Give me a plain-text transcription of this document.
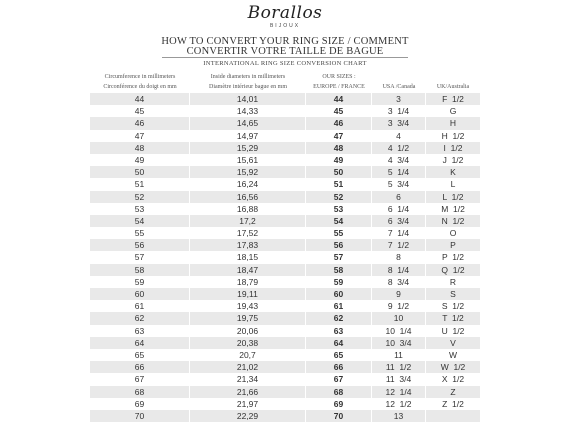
Borallos
BIJOUX
HOW TO CONVERT YOUR RING SIZE / COMMENT
CONVERTIR VOTRE TAILLE DE BAGUE
INTERNATIONAL RING SIZE CONVERSION CHART
Circumference in millimeters
Circonférence du doigt en mm
Inside diameters in millimeters
Diamètre intérieur bague en mm
OUR SIZES :
EUROPE / FRANCE	USA /Canada	UK/Australia
44	14,01	44	3	F  1/2
45	14,33	45	3  1/4	G
46	14,65	46	3  3/4	H
47	14,97	47	4	H  1/2
48	15,29	48	4  1/2	I  1/2
49	15,61	49	4  3/4	J  1/2
50	15,92	50	5  1/4	K
51	16,24	51	5  3/4	L
52	16,56	52	6	L  1/2
53	16,88	53	6  1/4	M  1/2
54	17,2	54	6  3/4	N  1/2
55	17,52	55	7  1/4	O
56	17,83	56	7  1/2	P
57	18,15	57	8	P  1/2
58	18,47	58	8  1/4	Q  1/2
59	18,79	59	8  3/4	R
60	19,11	60	9	S
61	19,43	61	9  1/2	S  1/2
62	19,75	62	10	T  1/2
63	20,06	63	10  1/4	U  1/2
64	20,38	64	10  3/4	V
65	20,7	65	11	W
66	21,02	66	11  1/2	W  1/2
67	21,34	67	11  3/4	X  1/2
68	21,66	68	12  1/4	Z
69	21,97	69	12  1/2	Z  1/2
70	22,29	70	13
